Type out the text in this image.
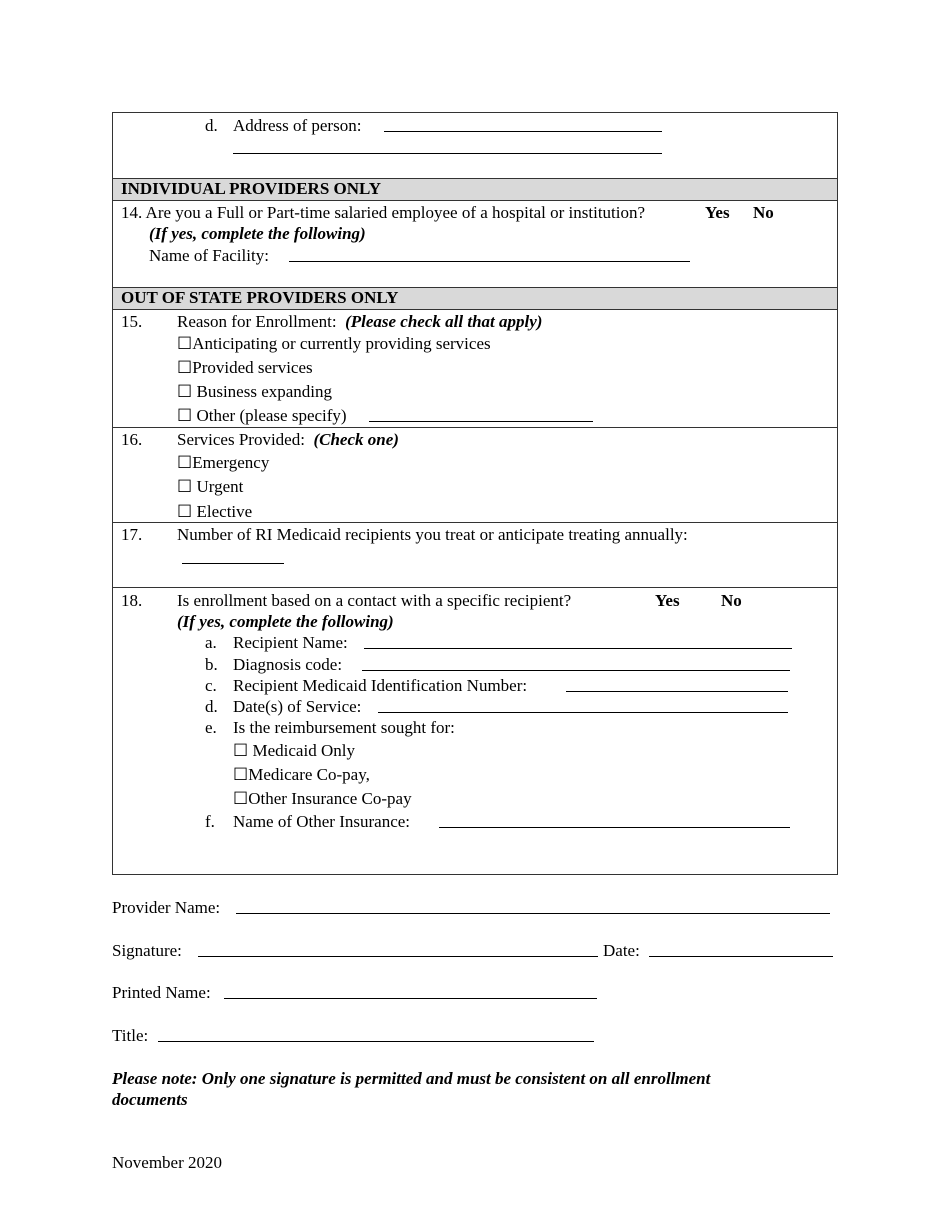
d. Address of person:
INDIVIDUAL PROVIDERS ONLY
14. Are you a Full or Part-time salaried employee of a hospital or institution?	Yes No
(If yes, complete the following)
Name of Facility:
OUT OF STATE PROVIDERS ONLY
15. Reason for Enrollment: (Please check all that apply)
☐Anticipating or currently providing services
☐Provided services
☐ Business expanding
☐ Other (please specify)
16. Services Provided: (Check one)
☐Emergency
☐ Urgent
☐ Elective
17. Number of RI Medicaid recipients you treat or anticipate treating annually:
18. Is enrollment based on a contact with a specific recipient?	Yes No
(If yes, complete the following)
a. Recipient Name:
b. Diagnosis code:
c. Recipient Medicaid Identification Number:
d. Date(s) of Service:
e. Is the reimbursement sought for:
☐ Medicaid Only
☐Medicare Co-pay,
☐Other Insurance Co-pay
f. Name of Other Insurance:
Provider Name:
Signature:	Date:
Printed Name:
Title:
Please note: Only one signature is permitted and must be consistent on all enrollment
documents
November 2020
